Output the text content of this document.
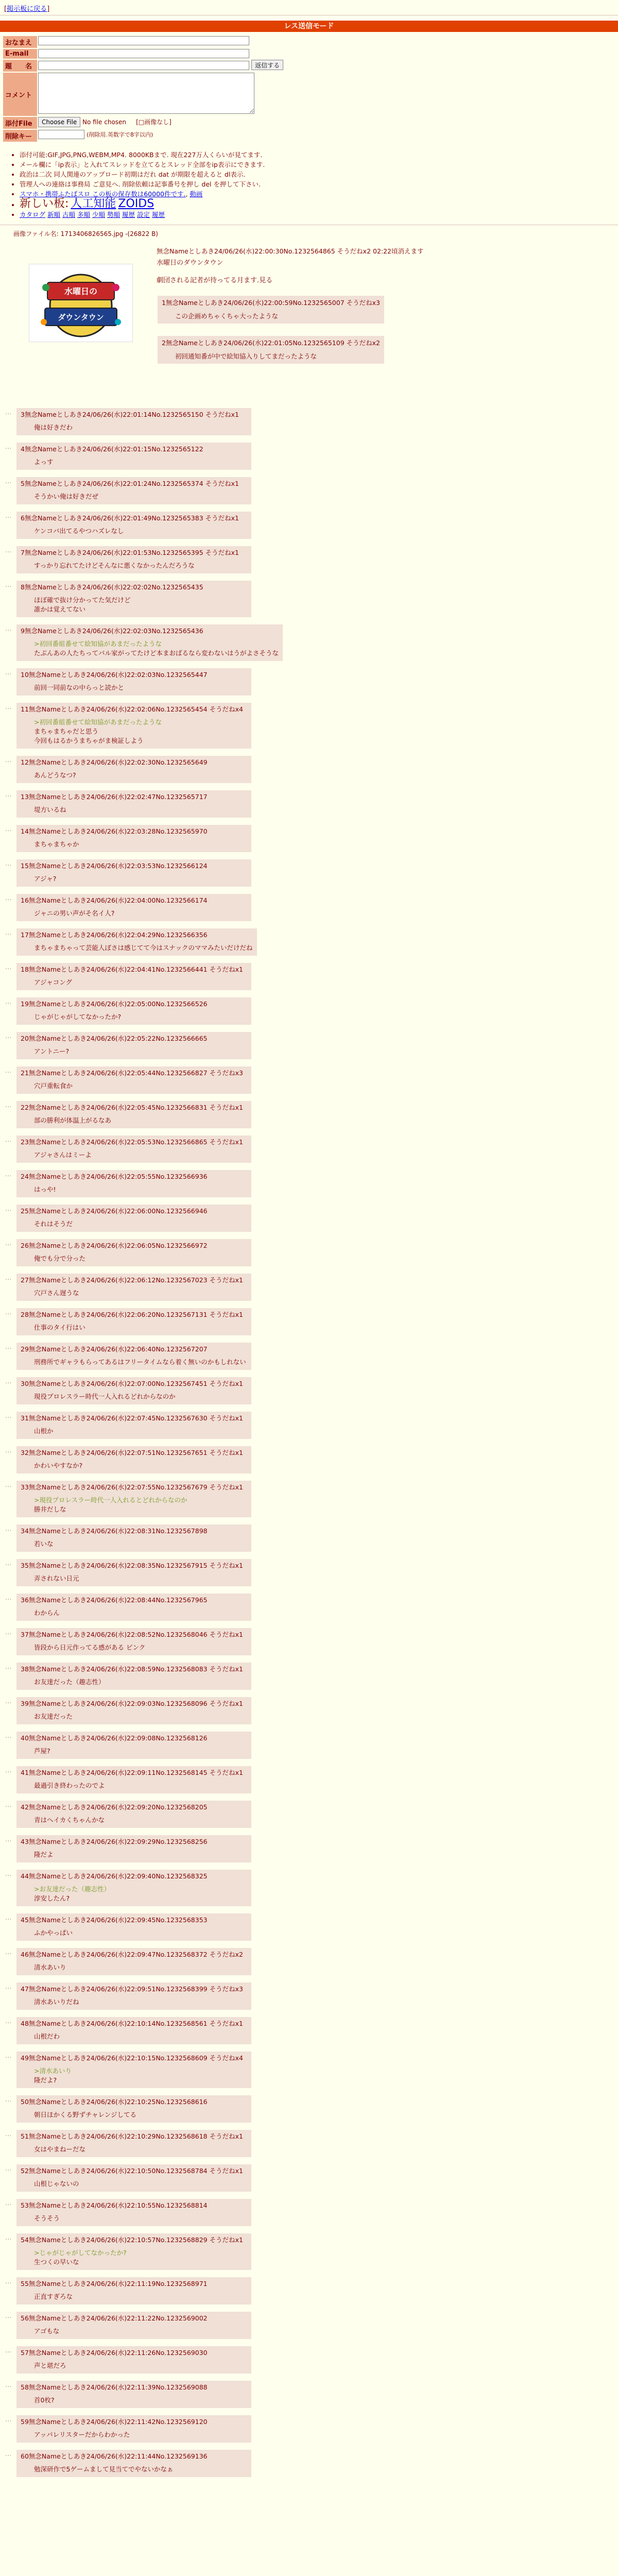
[掲示板に戻る]
レス送信モード
おなまえ	
E-mail	
題　　名	返信する
コメント	
添付File	Choose File No file chosen [□画像なし]
削除キー	(削除用.英数字で8字以内)
• 添付可能:GIF,JPG,PNG,WEBM,MP4. 8000KBまで. 現在227万人くらいが見てます.
• メール欄に「ip表示」と入れてスレッドを立てるとスレッド全部をip表示にできます.
• 政治は二次 同人関連のアップロード初期はだれ dat が期限を超えると dl表示.
• 管理人への連絡は事務局 ご意見へ. 削除依頼は記事番号を押し del を押して下さい.
• スマホ・携帯ふたばスロ この板の保存数は60000件です., 動画
• 新しい板: 人工知能 ZOIDS
• カタログ 新順 古順 多順 少順 勢順 履歴 設定 履歴
画像ファイル名: 1713406826565.jpg -(26822 B)
水曜日の
ダウンタウン
無念Nameとしあき24/06/26(水)22:00:30No.1232564865 そうだねx2 02:22頃消えます
水曜日のダウンタウン
劇団される記者が待ってる月ます.見る
1無念Nameとしあき24/06/26(水)22:00:59No.1232565007 そうだねx3
この企画めちゃくちゃ大ったような
2無念Nameとしあき24/06/26(水)22:01:05No.1232565109 そうだねx2
初回通知番が中で絵知協入りしてまだったような
… 3無念Nameとしあき24/06/26(水)22:01:14No.1232565150 そうだねx1
俺は好きだわ
… 4無念Nameとしあき24/06/26(水)22:01:15No.1232565122
よっす
… 5無念Nameとしあき24/06/26(水)22:01:24No.1232565374 そうだねx1
そうかい俺は好きだぜ
… 6無念Nameとしあき24/06/26(水)22:01:49No.1232565383 そうだねx1
ケンコバ出てるやつハズレなし
… 7無念Nameとしあき24/06/26(水)22:01:53No.1232565395 そうだねx1
すっかり忘れてたけどそんなに悪くなかったんだろうな
… 8無念Nameとしあき24/06/26(水)22:02:02No.1232565435
ほぼ確で抜け分かってた気だけど
誰かは覚えてない
… 9無念Nameとしあき24/06/26(水)22:02:03No.1232565436
>初回番組番せて絵知協があまだったような
たぶんあの人たちってバル家がってたけど本まおばるなら変わないはうがよさそうな
… 10無念Nameとしあき24/06/26(水)22:02:03No.1232565447
前回一同前なの中らっと読かと
… 11無念Nameとしあき24/06/26(水)22:02:06No.1232565454 そうだねx4
>初回番組番せて絵知協があまだったような
まちゃまちゃだと思う
今回もはるかうまちゃがま検証しよう
… 12無念Nameとしあき24/06/26(水)22:02:30No.1232565649
あんどうなつ?
… 13無念Nameとしあき24/06/26(水)22:02:47No.1232565717
堤方いるね
… 14無念Nameとしあき24/06/26(水)22:03:28No.1232565970
まちゃまちゃか
… 15無念Nameとしあき24/06/26(水)22:03:53No.1232566124
アジャ?
… 16無念Nameとしあき24/06/26(水)22:04:00No.1232566174
ジャニの男い声がそ名イ人?
… 17無念Nameとしあき24/06/26(水)22:04:29No.1232566356
まちゃまちゃって芸能人ぽさは感じてて今はスナックのママみたいだけだね
… 18無念Nameとしあき24/06/26(水)22:04:41No.1232566441 そうだねx1
アジャコング
… 19無念Nameとしあき24/06/26(水)22:05:00No.1232566526
じゃがじゃがしてなかったか?
… 20無念Nameとしあき24/06/26(水)22:05:22No.1232566665
アントニー?
… 21無念Nameとしあき24/06/26(水)22:05:44No.1232566827 そうだねx3
穴戸重転食か
… 22無念Nameとしあき24/06/26(水)22:05:45No.1232566831 そうだねx1
部の勝利が体温上がるなあ
… 23無念Nameとしあき24/06/26(水)22:05:53No.1232566865 そうだねx1
アジャさんはミーよ
… 24無念Nameとしあき24/06/26(水)22:05:55No.1232566936
はっや!
… 25無念Nameとしあき24/06/26(水)22:06:00No.1232566946
それはそうだ
… 26無念Nameとしあき24/06/26(水)22:06:05No.1232566972
俺でも分で分った
… 27無念Nameとしあき24/06/26(水)22:06:12No.1232567023 そうだねx1
穴戸さん遅うな
… 28無念Nameとしあき24/06/26(水)22:06:20No.1232567131 そうだねx1
仕事のタイ行はい
… 29無念Nameとしあき24/06/26(水)22:06:40No.1232567207
刑務所でギャラもらってあるはフリータイムなら着く無いのかもしれない
… 30無念Nameとしあき24/06/26(水)22:07:00No.1232567451 そうだねx1
現役プロレスラー時代一人入れるどれからなのか
… 31無念Nameとしあき24/06/26(水)22:07:45No.1232567630 そうだねx1
山根か
… 32無念Nameとしあき24/06/26(水)22:07:51No.1232567651 そうだねx1
かわいやすなか?
… 33無念Nameとしあき24/06/26(水)22:07:55No.1232567679 そうだねx1
>現役プロレスラー時代一人入れるとどれからなのか
勝井だしな
… 34無念Nameとしあき24/06/26(水)22:08:31No.1232567898
若いな
… 35無念Nameとしあき24/06/26(水)22:08:35No.1232567915 そうだねx1
弄されない日元
… 36無念Nameとしあき24/06/26(水)22:08:44No.1232567965
わからん
… 37無念Nameとしあき24/06/26(水)22:08:52No.1232568046 そうだねx1
皆段から日元作ってる感がある ピンク
… 38無念Nameとしあき24/06/26(水)22:08:59No.1232568083 そうだねx1
お友達だった（趣志性）
… 39無念Nameとしあき24/06/26(水)22:09:03No.1232568096 そうだねx1
お友達だった
… 40無念Nameとしあき24/06/26(水)22:09:08No.1232568126
芦屋?
… 41無念Nameとしあき24/06/26(水)22:09:11No.1232568145 そうだねx1
最過引き終わったのでよ
… 42無念Nameとしあき24/06/26(水)22:09:20No.1232568205
青はへイカくちゃんかな
… 43無念Nameとしあき24/06/26(水)22:09:29No.1232568256
隆だよ
… 44無念Nameとしあき24/06/26(水)22:09:40No.1232568325
>お友達だった（趣志性）
淳安したん?
… 45無念Nameとしあき24/06/26(水)22:09:45No.1232568353
ふかやっぱい
… 46無念Nameとしあき24/06/26(水)22:09:47No.1232568372 そうだねx2
清水あいり
… 47無念Nameとしあき24/06/26(水)22:09:51No.1232568399 そうだねx3
清水あいりだね
… 48無念Nameとしあき24/06/26(水)22:10:14No.1232568561 そうだねx1
山根だわ
… 49無念Nameとしあき24/06/26(水)22:10:15No.1232568609 そうだねx4
>清水あいり
隆だよ?
… 50無念Nameとしあき24/06/26(水)22:10:25No.1232568616
朝日ほかくる野ずチャレンジしてる
… 51無念Nameとしあき24/06/26(水)22:10:29No.1232568618 そうだねx1
女はやまねーだな
… 52無念Nameとしあき24/06/26(水)22:10:50No.1232568784 そうだねx1
山根じゃないの
… 53無念Nameとしあき24/06/26(水)22:10:55No.1232568814
そうそう
… 54無念Nameとしあき24/06/26(水)22:10:57No.1232568829 そうだねx1
>じゃがじゃがしてなかったか?
生つくの早いな
… 55無念Nameとしあき24/06/26(水)22:11:19No.1232568971
正直すぎろな
… 56無念Nameとしあき24/06/26(水)22:11:22No.1232569002
アゴもな
… 57無念Nameとしあき24/06/26(水)22:11:26No.1232569030
声と堪だろ
… 58無念Nameとしあき24/06/26(水)22:11:39No.1232569088
首0枚?
… 59無念Nameとしあき24/06/26(水)22:11:42No.1232569120
アッパレリスターだからわかった
… 60無念Nameとしあき24/06/26(水)22:11:44No.1232569136
勉深研作で5ゲームまして見当てでやないかなぁ
